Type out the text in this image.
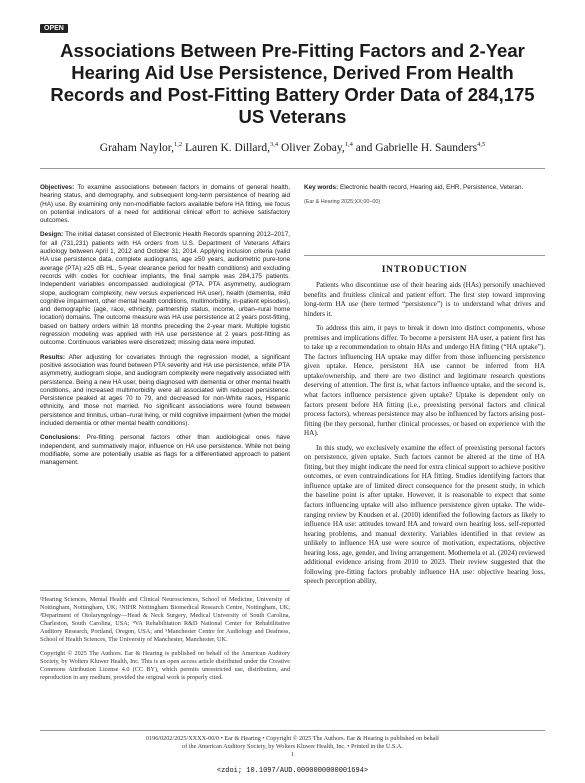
OPEN
Associations Between Pre-Fitting Factors and 2-Year Hearing Aid Use Persistence, Derived From Health Records and Post-Fitting Battery Order Data of 284,175 US Veterans
Graham Naylor,$^{1,2}$ Lauren K. Dillard,$^{3,4}$ Oliver Zobay,$^{1,4}$ and Gabrielle H. Saunders$^{4,5}$

Objectives: To examine associations between factors in domains of general health, hearing status, and demography, and subsequent long-term persistence of hearing aid (HA) use. By examining only non-modifiable factors available before HA fitting, we focus on potential indicators of a need for additional clinical effort to achieve satisfactory outcomes.

Design: The initial dataset consisted of Electronic Health Records spanning 2012–2017, for all (731,231) patients with HA orders from U.S. Department of Veterans Affairs audiology between April 1, 2012 and October 31, 2014. Applying inclusion criteria (valid HA use persistence data, complete audiograms, age ≥50 years, audiometric pure-tone average (PTA) ≥25 dB HL, 5-year clearance period for health conditions) and excluding records with codes for cochlear implants, the final sample was 284,175 patients. Independent variables encompassed audiological (PTA, PTA asymmetry, audiogram slope, audiogram complexity, new versus experienced HA user), health (dementia, mild cognitive impairment, other mental health conditions, multimorbidity, in-patient episodes), and demographic (age, race, ethnicity, partnership status, income, urban–rural home location) domains. The outcome measure was HA use persistence at 2 years post-fitting, based on battery orders within 18 months preceding the 2-year mark. Multiple logistic regression modeling was applied with HA use persistence at 2 years post-fitting as outcome. Continuous variables were discretized; missing data were imputed.

Results: After adjusting for covariates through the regression model, a significant positive association was found between PTA severity and HA use persistence, while PTA asymmetry, audiogram slope, and audiogram complexity were negatively associated with persistence. Being a new HA user, being diagnosed with dementia or other mental health conditions, and increased multimorbidity were all associated with reduced persistence. Persistence peaked at ages 70 to 79, and decreased for non-White races, Hispanic ethnicity, and those not married. No significant associations were found between persistence and tinnitus, urban–rural living, or mild cognitive impairment (when the model included dementia or other mental health conditions).

Conclusions: Pre-fitting personal factors other than audiological ones have independent, and summatively major, influence on HA use persistence. While not being modifiable, some are potentially usable as flags for a differentiated approach to patient management.

Key words: Electronic health record, Hearing aid, EHR, Persistence, Veteran.

(Ear & Hearing 2025;XX;00–00)

¹Hearing Sciences, Mental Health and Clinical Neurosciences, School of Medicine, University of Nottingham, Nottingham, UK; ²NIHR Nottingham Biomedical Research Centre, Nottingham, UK; ³Department of Otolaryngology—Head & Neck Surgery, Medical University of South Carolina, Charleston, South Carolina, USA; ⁴VA Rehabilitation R&D National Center for Rehabilitative Auditory Research, Portland, Oregon, USA; and ⁵Manchester Centre for Audiology and Deafness, School of Health Sciences, The University of Manchester, Manchester, UK.

Copyright © 2025 The Authors. Ear & Hearing is published on behalf of the American Auditory Society, by Wolters Kluwer Health, Inc. This is an open access article distributed under the Creative Commons Attribution License 4.0 (CC BY), which permits unrestricted use, distribution, and reproduction in any medium, provided the original work is properly cited.

INTRODUCTION

Patients who discontinue use of their hearing aids (HAs) personify unachieved benefits and fruitless clinical and patient effort. The first step toward improving long-term HA use (here termed “persistence”) is to understand what drives and hinders it.

To address this aim, it pays to break it down into distinct components, whose premises and implications differ. To become a persistent HA user, a patient first has to take up a recommendation to obtain HAs and undergo HA fitting (“HA uptake”). The factors influencing HA uptake may differ from those influencing persistence given uptake. Hence, persistent HA use cannot be inferred from HA uptake/ownership, and there are two distinct and legitimate research questions deserving of attention. The first is, what factors influence uptake, and the second is, what factors influence persistence given uptake? Uptake is dependent only on factors present before HA fitting (i.e., preexisting personal factors and clinical process factors), whereas persistence may also be influenced by factors arising post-fitting (be they personal, further clinical processes, or based on experience with the HA).

In this study, we exclusively examine the effect of preexisting personal factors on persistence, given uptake. Such factors cannot be altered at the time of HA fitting, but they might indicate the need for extra clinical support to achieve positive outcomes, or even contraindications for HA fitting. Studies identifying factors that influence uptake are of limited direct consequence for the present study, in which the baseline point is after uptake. However, it is reasonable to expect that some factors influencing uptake will also influence persistence given uptake. The wide-ranging review by Knudsen et al. (2010) identified the following factors as likely to influence HA use: attitudes toward HA and toward own hearing loss, self-reported hearing problems, and manual dexterity. Variables identified in that review as unlikely to influence HA use were source of motivation, expectations, objective hearing loss, age, gender, and living arrangement. Mothemela et al. (2024) reviewed additional evidence arising from 2010 to 2023. Their review suggested that the following pre-fitting factors probably influence HA use: objective hearing loss, speech perception ability,

0196/0202/2025/XXXX-00/0 • Ear & Hearing • Copyright © 2025 The Authors. Ear & Hearing is published on behalf
of the American Auditory Society, by Wolters Kluwer Health, Inc. • Printed in the U.S.A.
1
<zdoi; 10.1097/AUD.0000000000001694>
